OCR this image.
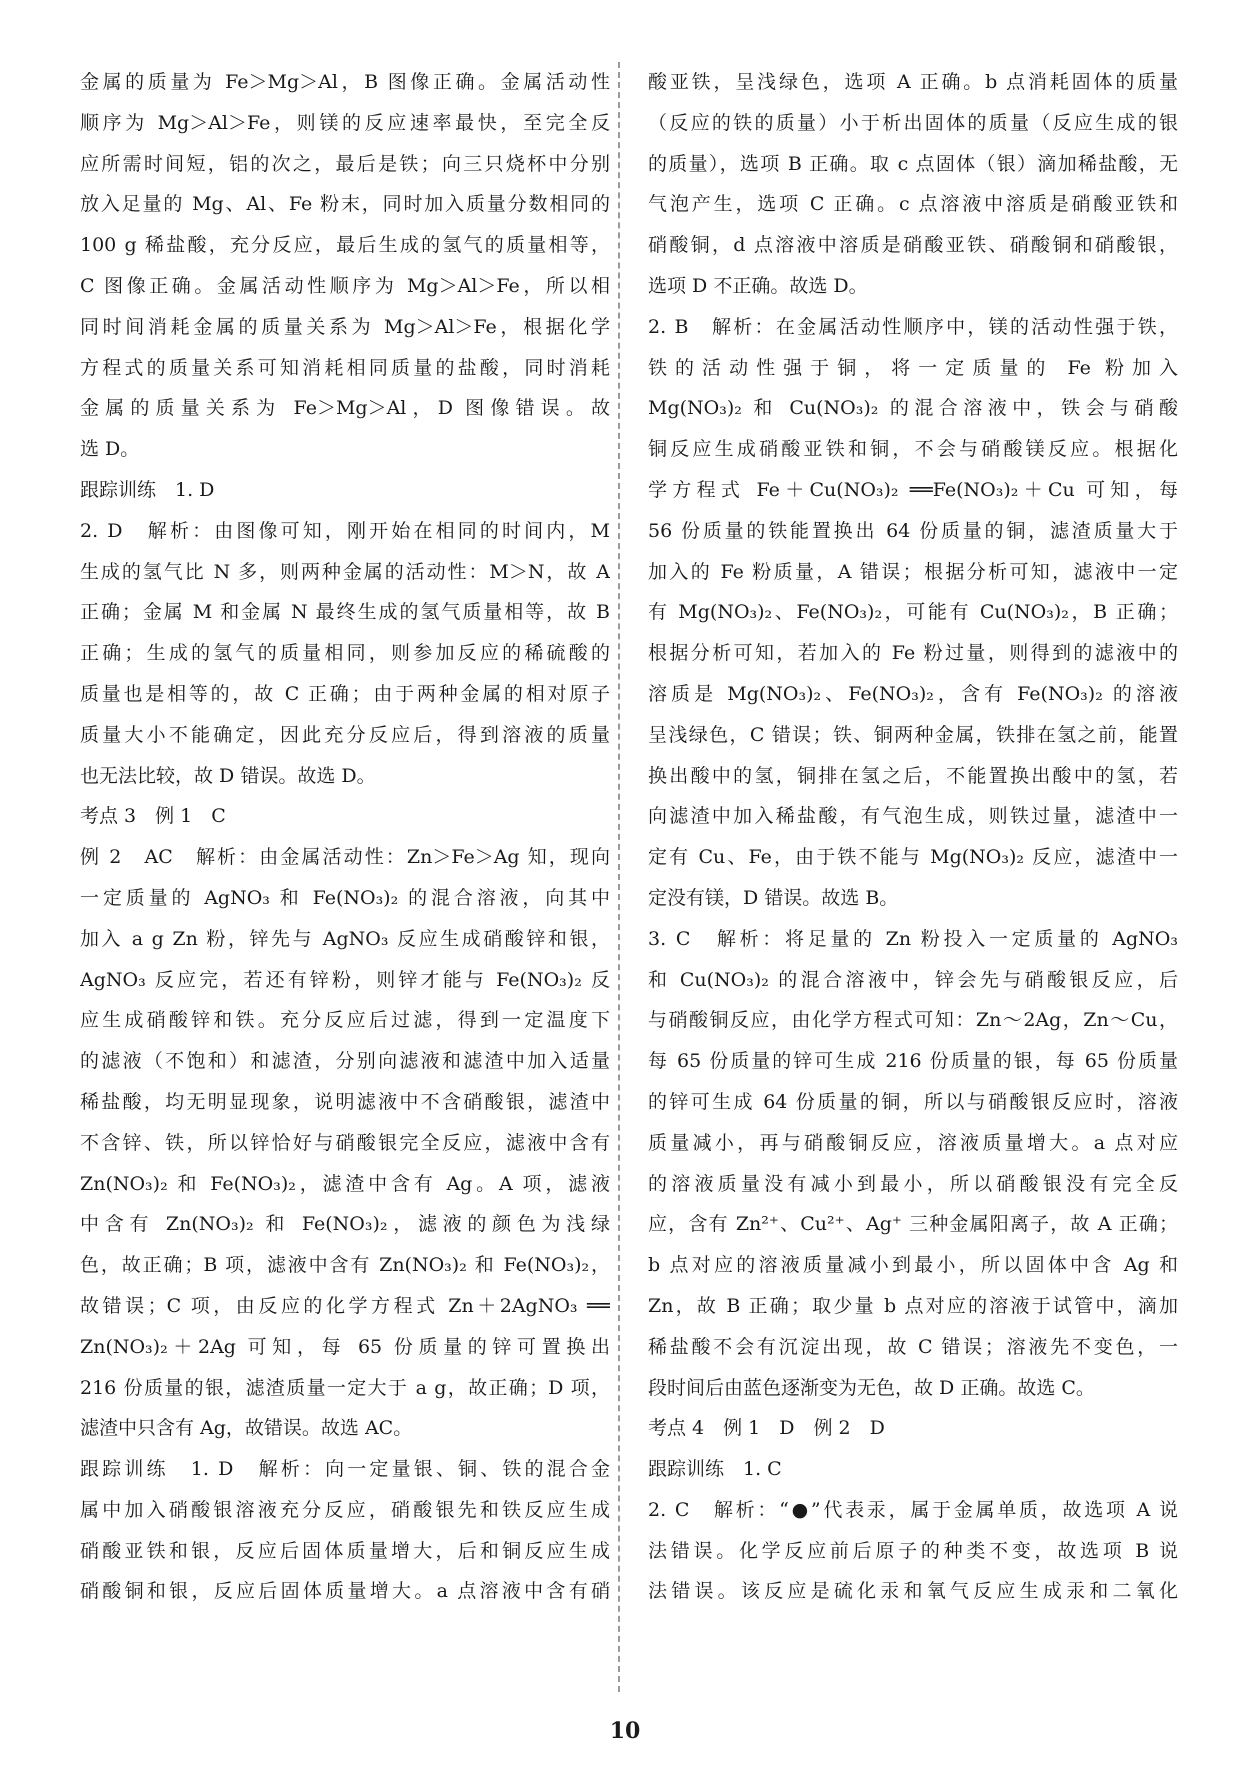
金属的质量为 Fe＞Mg＞Al，B 图像正确。金属活动性
顺序为 Mg＞Al＞Fe，则镁的反应速率最快，至完全反
应所需时间短，铝的次之，最后是铁；向三只烧杯中分别
放入足量的 Mg、Al、Fe 粉末，同时加入质量分数相同的
100 g 稀盐酸，充分反应，最后生成的氢气的质量相等，
C 图像正确。金属活动性顺序为 Mg＞Al＞Fe，所以相
同时间消耗金属的质量关系为 Mg＞Al＞Fe，根据化学
方程式的质量关系可知消耗相同质量的盐酸，同时消耗
金属的质量关系为 Fe＞Mg＞Al，D 图像错误。故
选 D。
跟踪训练　1. D
2. D　解析：由图像可知，刚开始在相同的时间内，M
生成的氢气比 N 多，则两种金属的活动性：M＞N，故 A
正确；金属 M 和金属 N 最终生成的氢气质量相等，故 B
正确；生成的氢气的质量相同，则参加反应的稀硫酸的
质量也是相等的，故 C 正确；由于两种金属的相对原子
质量大小不能确定，因此充分反应后，得到溶液的质量
也无法比较，故 D 错误。故选 D。
考点 3　例 1　C
例 2　AC　解析：由金属活动性：Zn＞Fe＞Ag 知，现向
一定质量的 AgNO₃ 和 Fe(NO₃)₂ 的混合溶液，向其中
加入 a g Zn 粉，锌先与 AgNO₃ 反应生成硝酸锌和银，
AgNO₃ 反应完，若还有锌粉，则锌才能与 Fe(NO₃)₂ 反
应生成硝酸锌和铁。充分反应后过滤，得到一定温度下
的滤液（不饱和）和滤渣，分别向滤液和滤渣中加入适量
稀盐酸，均无明显现象，说明滤液中不含硝酸银，滤渣中
不含锌、铁，所以锌恰好与硝酸银完全反应，滤液中含有
Zn(NO₃)₂ 和 Fe(NO₃)₂，滤渣中含有 Ag。A 项，滤液
中含有 Zn(NO₃)₂ 和 Fe(NO₃)₂，滤液的颜色为浅绿
色，故正确；B 项，滤液中含有 Zn(NO₃)₂ 和 Fe(NO₃)₂，
故错误；C 项，由反应的化学方程式 Zn＋2AgNO₃ ══
Zn(NO₃)₂＋2Ag 可知，每 65 份质量的锌可置换出
216 份质量的银，滤渣质量一定大于 a g，故正确；D 项，
滤渣中只含有 Ag，故错误。故选 AC。
跟踪训练　1. D　解析：向一定量银、铜、铁的混合金
属中加入硝酸银溶液充分反应，硝酸银先和铁反应生成
硝酸亚铁和银，反应后固体质量增大，后和铜反应生成
硝酸铜和银，反应后固体质量增大。a 点溶液中含有硝
酸亚铁，呈浅绿色，选项 A 正确。b 点消耗固体的质量
（反应的铁的质量）小于析出固体的质量（反应生成的银
的质量），选项 B 正确。取 c 点固体（银）滴加稀盐酸，无
气泡产生，选项 C 正确。c 点溶液中溶质是硝酸亚铁和
硝酸铜，d 点溶液中溶质是硝酸亚铁、硝酸铜和硝酸银，
选项 D 不正确。故选 D。
2. B　解析：在金属活动性顺序中，镁的活动性强于铁，
铁的活动性强于铜，将一定质量的 Fe 粉加入
Mg(NO₃)₂ 和 Cu(NO₃)₂ 的混合溶液中，铁会与硝酸
铜反应生成硝酸亚铁和铜，不会与硝酸镁反应。根据化
学方程式 Fe＋Cu(NO₃)₂ ══Fe(NO₃)₂＋Cu 可知，每
56 份质量的铁能置换出 64 份质量的铜，滤渣质量大于
加入的 Fe 粉质量，A 错误；根据分析可知，滤液中一定
有 Mg(NO₃)₂、Fe(NO₃)₂，可能有 Cu(NO₃)₂，B 正确；
根据分析可知，若加入的 Fe 粉过量，则得到的滤液中的
溶质是 Mg(NO₃)₂、Fe(NO₃)₂，含有 Fe(NO₃)₂ 的溶液
呈浅绿色，C 错误；铁、铜两种金属，铁排在氢之前，能置
换出酸中的氢，铜排在氢之后，不能置换出酸中的氢，若
向滤渣中加入稀盐酸，有气泡生成，则铁过量，滤渣中一
定有 Cu、Fe，由于铁不能与 Mg(NO₃)₂ 反应，滤渣中一
定没有镁，D 错误。故选 B。
3. C　解析：将足量的 Zn 粉投入一定质量的 AgNO₃
和 Cu(NO₃)₂ 的混合溶液中，锌会先与硝酸银反应，后
与硝酸铜反应，由化学方程式可知：Zn～2Ag，Zn～Cu，
每 65 份质量的锌可生成 216 份质量的银，每 65 份质量
的锌可生成 64 份质量的铜，所以与硝酸银反应时，溶液
质量减小，再与硝酸铜反应，溶液质量增大。a 点对应
的溶液质量没有减小到最小，所以硝酸银没有完全反
应，含有 Zn²⁺、Cu²⁺、Ag⁺ 三种金属阳离子，故 A 正确；
b 点对应的溶液质量减小到最小，所以固体中含 Ag 和
Zn，故 B 正确；取少量 b 点对应的溶液于试管中，滴加
稀盐酸不会有沉淀出现，故 C 错误；溶液先不变色，一
段时间后由蓝色逐渐变为无色，故 D 正确。故选 C。
考点 4　例 1　D　例 2　D
跟踪训练　1. C
2. C　解析：“●”代表汞，属于金属单质，故选项 A 说
法错误。化学反应前后原子的种类不变，故选项 B 说
法错误。该反应是硫化汞和氧气反应生成汞和二氧化
10
